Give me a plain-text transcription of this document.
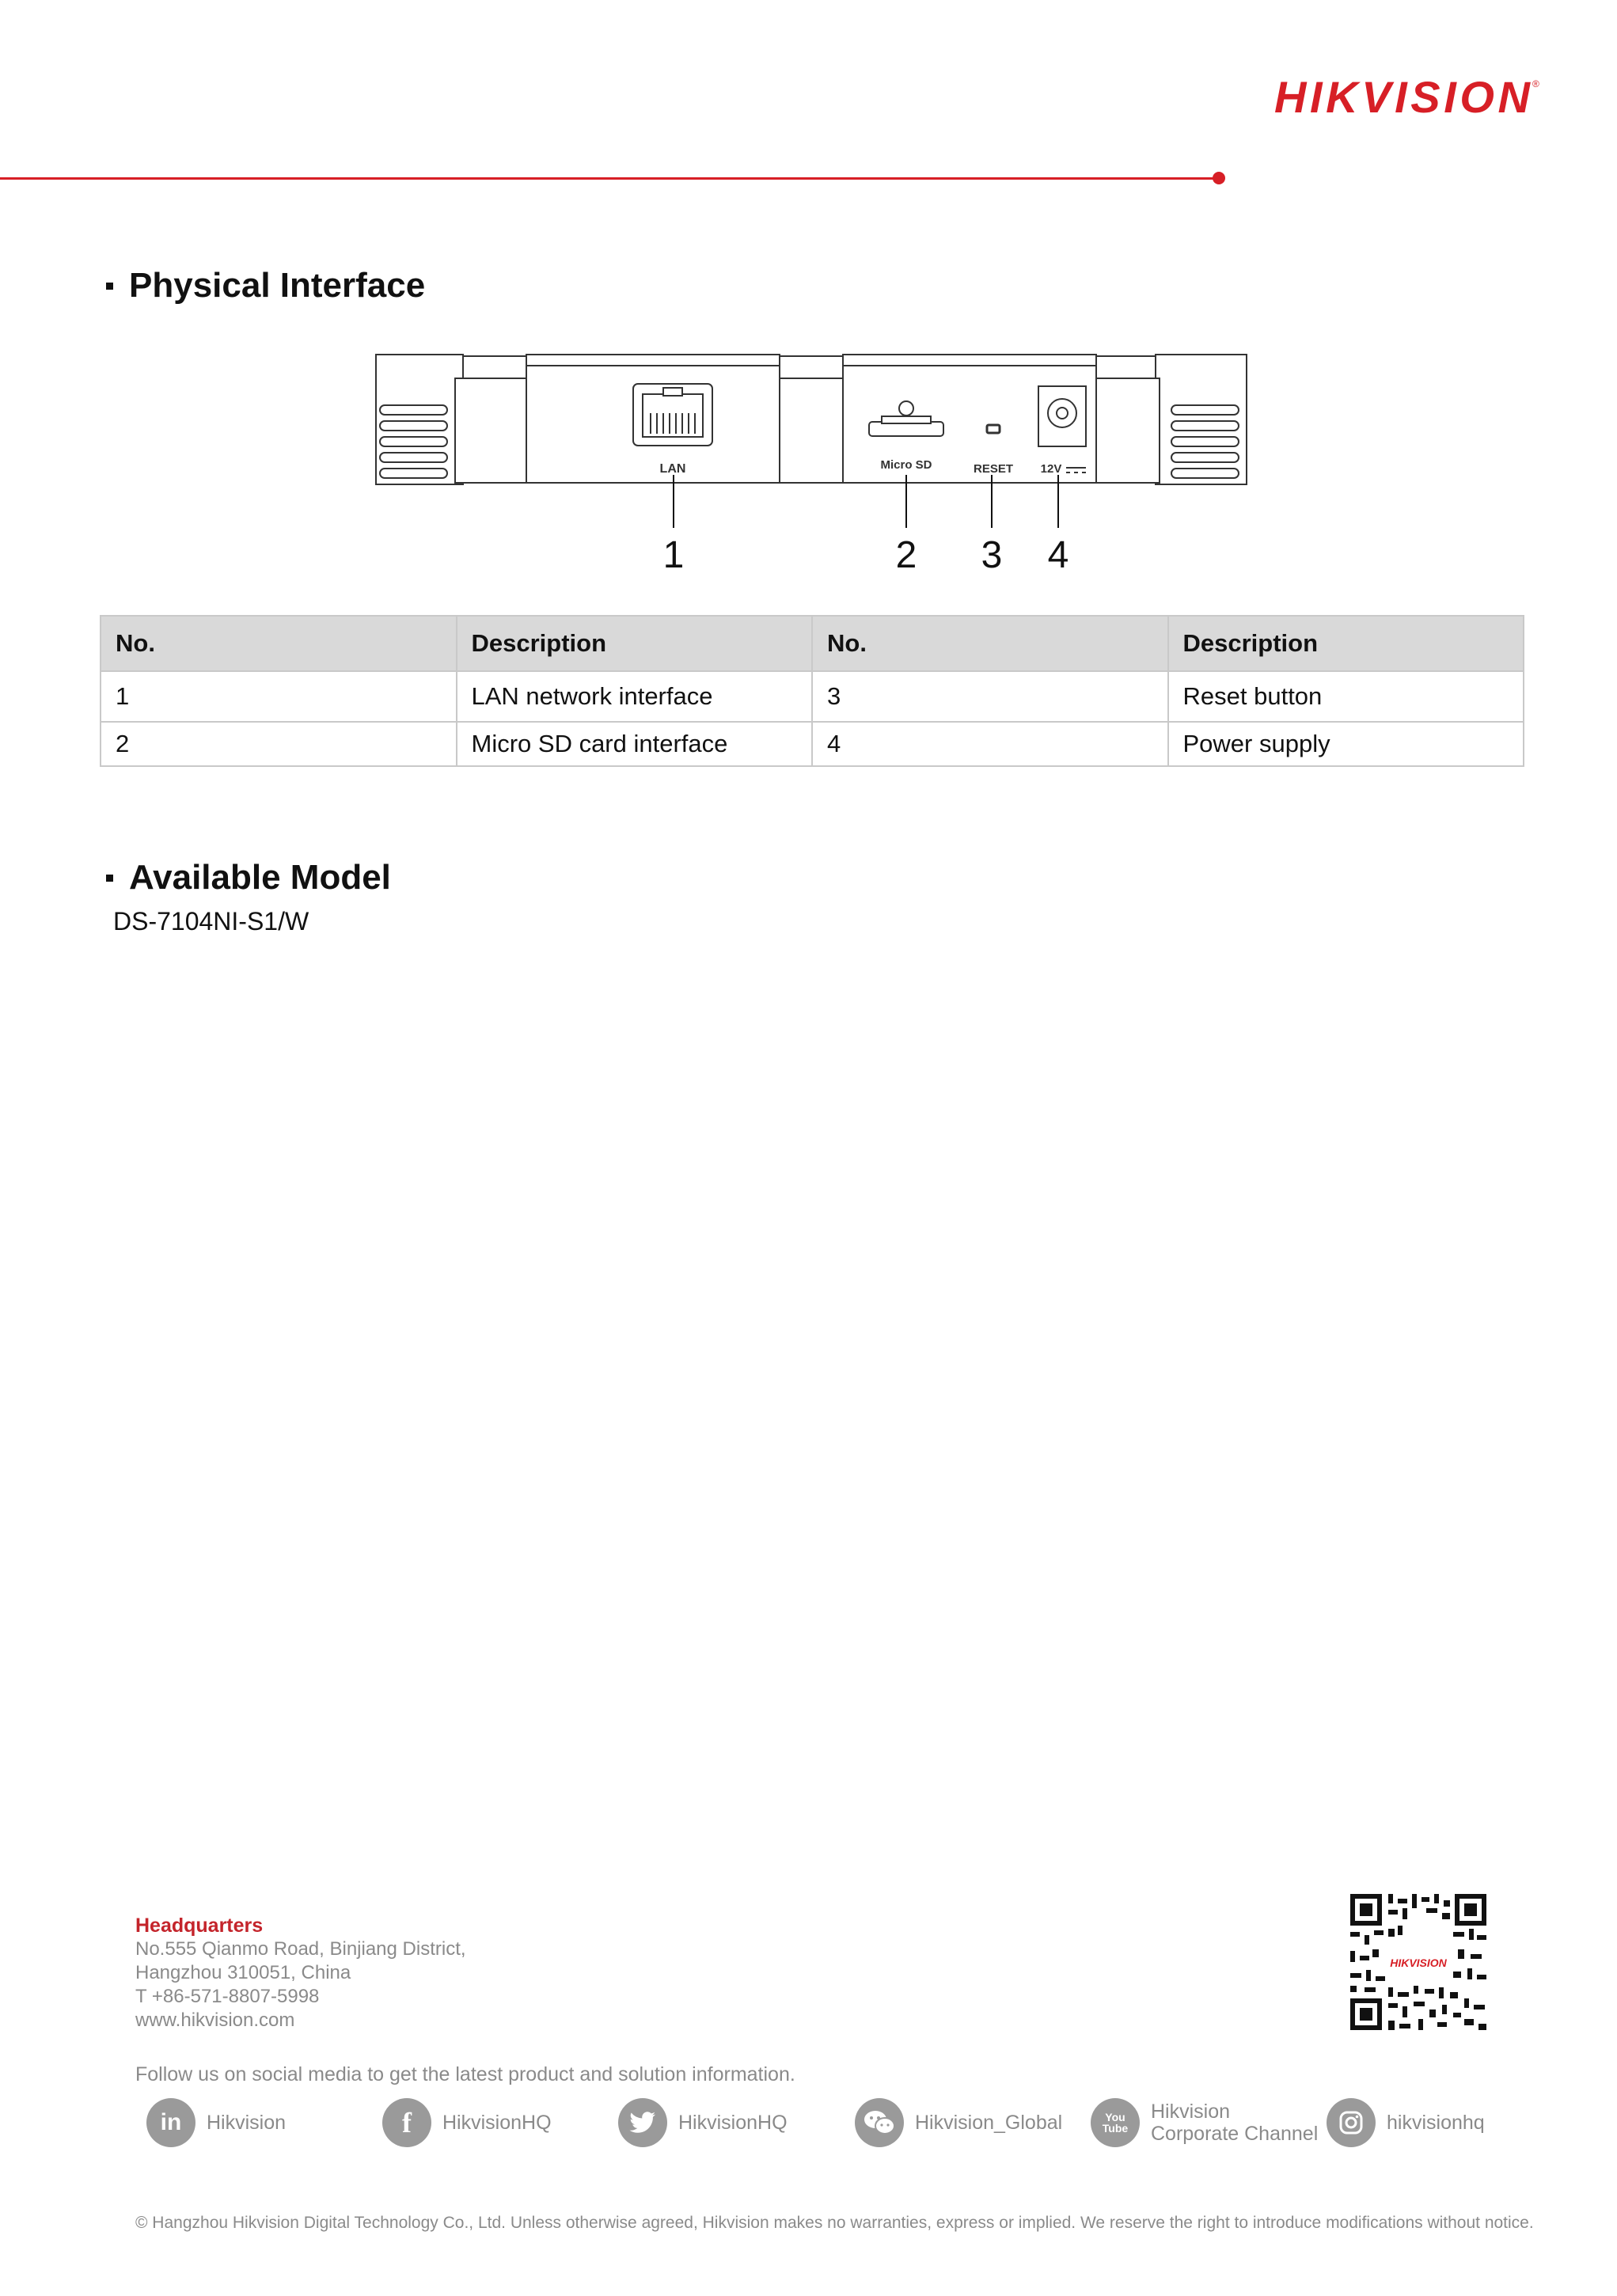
HIKVISION ®
Physical Interface
LAN	Micro SD	RESET 12V
1	2 3 4
No.	Description	No.	Description
1	LAN network interface	3	Reset button
2	Micro SD card interface	4	Power supply
Available Model
DS-7104NI-S1/W
Headquarters
No.555 Qianmo Road, Binjiang District,
Hangzhou 310051, China
T +86-571-8807-5998
www.hikvision.com
HIKVISION
Follow us on social media to get the latest product and solution information.
in	Hikvision	f	HikvisionHQ	HikvisionHQ	Hikvision_Global	You Tube
Hikvision
Corporate Channel	hikvisionhq
© Hangzhou Hikvision Digital Technology Co., Ltd. Unless otherwise agreed, Hikvision makes no warranties, express or implied. We reserve the right to introduce modifications without notice.
